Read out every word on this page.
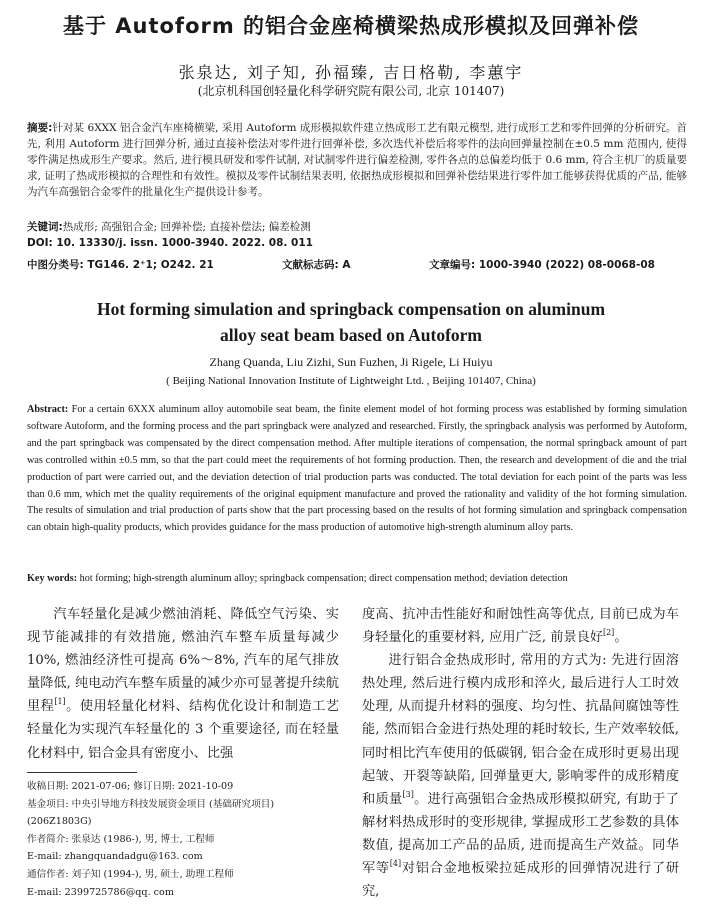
基于 Autoform 的铝合金座椅横梁热成形模拟及回弹补偿
张泉达, 刘子知, 孙福臻, 吉日格勒, 李蕙宇
(北京机科国创轻量化科学研究院有限公司, 北京 101407)
摘要:针对某 6XXX 铝合金汽车座椅横梁, 采用 Autoform 成形模拟软件建立热成形工艺有限元模型, 进行成形工艺和零件回弹的分析研究。首先, 利用 Autoform 进行回弹分析, 通过直接补偿法对零件进行回弹补偿, 多次迭代补偿后将零件的法向回弹量控制在±0.5 mm 范围内, 使得零件满足热成形生产要求。然后, 进行模具研发和零件试制, 对试制零件进行偏差检测, 零件各点的总偏差均低于 0.6 mm, 符合主机厂的质量要求, 证明了热成形模拟的合理性和有效性。模拟及零件试制结果表明, 依据热成形模拟和回弹补偿结果进行零件加工能够获得优质的产品, 能够为汽车高强铝合金零件的批量化生产提供设计参考。
关键词:热成形; 高强铝合金; 回弹补偿; 直接补偿法; 偏差检测
DOI: 10. 13330/j. issn. 1000-3940. 2022. 08. 011
中图分类号: TG146. 2⁺1; O242. 21	文献标志码: A	文章编号: 1000-3940 (2022) 08-0068-08
Hot forming simulation and springback compensation on aluminum
alloy seat beam based on Autoform
Zhang Quanda, Liu Zizhi, Sun Fuzhen, Ji Rigele, Li Huiyu
( Beijing National Innovation Institute of Lightweight Ltd. , Beijing 101407, China)
Abstract: For a certain 6XXX aluminum alloy automobile seat beam, the finite element model of hot forming process was established by forming simulation software Autoform, and the forming process and the part springback were analyzed and researched. Firstly, the springback analysis was performed by Autoform, and the part springback was compensated by the direct compensation method. After multiple iterations of compensation, the normal springback amount of part was controlled within ±0.5 mm, so that the part could meet the requirements of hot forming production. Then, the research and development of die and the trial production of part were carried out, and the deviation detection of trial production parts was conducted. The total deviation for each point of the parts was less than 0.6 mm, which met the quality requirements of the original equipment manufacture and proved the rationality and validity of the hot forming simulation. The results of simulation and trial production of parts show that the part processing based on the results of hot forming simulation and springback compensation can obtain high-quality products, which provides guidance for the mass production of automotive high-strength aluminum alloy parts.
Key words: hot forming; high-strength aluminum alloy; springback compensation; direct compensation method; deviation detection

汽车轻量化是减少燃油消耗、降低空气污染、实现节能减排的有效措施, 燃油汽车整车质量每减少 10%, 燃油经济性可提高 6%～8%, 汽车的尾气排放量降低, 纯电动汽车整车质量的减少亦可显著提升续航里程[1]。使用轻量化材料、结构优化设计和制造工艺轻量化为实现汽车轻量化的 3 个重要途径, 而在轻量化材料中, 铝合金具有密度小、比强

收稿日期: 2021-07-06; 修订日期: 2021-10-09
基金项目: 中央引导地方科技发展资金项目 (基础研究项目)
(206Z1803G)
作者简介: 张泉达 (1986-), 男, 博士, 工程师
E-mail: zhangquandadgu@163. com
通信作者: 刘子知 (1994-), 男, 硕士, 助理工程师
E-mail: 2399725786@qq. com

度高、抗冲击性能好和耐蚀性高等优点, 目前已成为车身轻量化的重要材料, 应用广泛, 前景良好[2]。

进行铝合金热成形时, 常用的方式为: 先进行固溶热处理, 然后进行模内成形和淬火, 最后进行人工时效处理, 从而提升材料的强度、均匀性、抗晶间腐蚀等性能, 然而铝合金进行热处理的耗时较长, 生产效率较低, 同时相比汽车使用的低碳钢, 铝合金在成形时更易出现起皱、开裂等缺陷, 回弹量更大, 影响零件的成形精度和质量[3]。进行高强铝合金热成形模拟研究, 有助于了解材料热成形时的变形规律, 掌握成形工艺参数的具体数值, 提高加工产品的品质, 进而提高生产效益。同华军等[4]对铝合金地板梁拉延成形的回弹情况进行了研究,
